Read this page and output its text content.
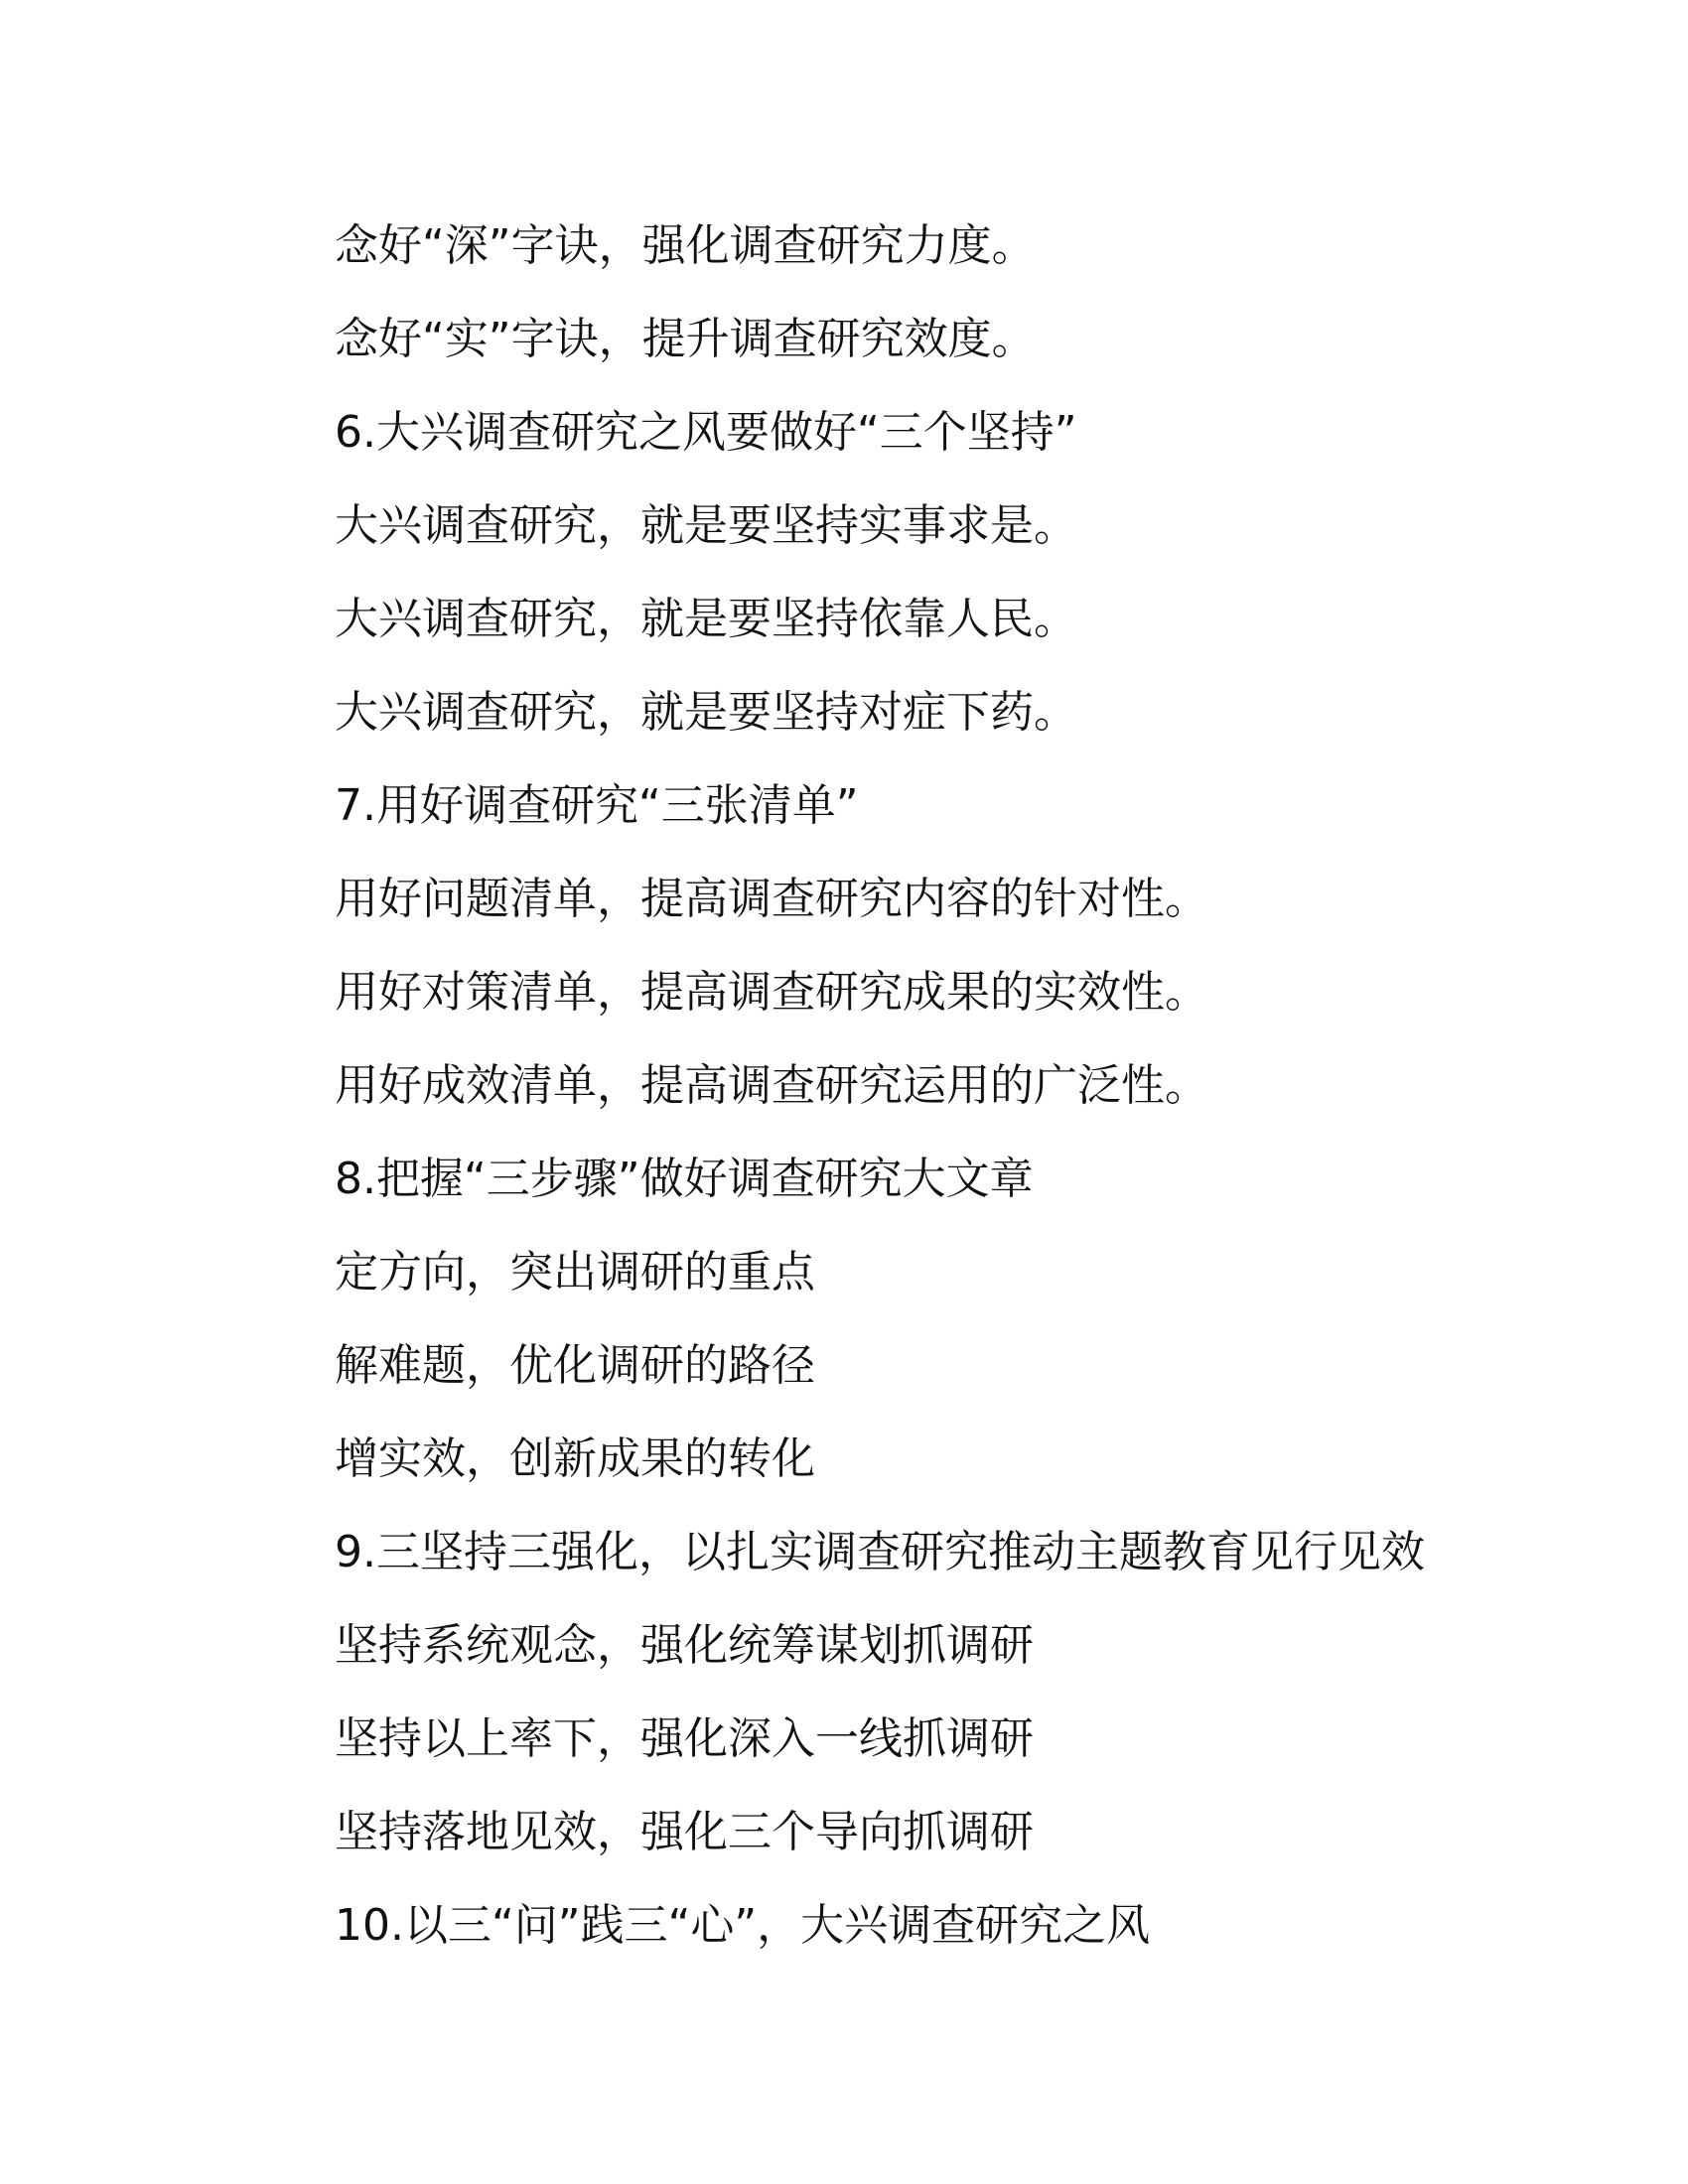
念好“深”字诀，强化调查研究力度。
念好“实”字诀，提升调查研究效度。
6.大兴调查研究之风要做好“三个坚持”
大兴调查研究，就是要坚持实事求是。
大兴调查研究，就是要坚持依靠人民。
大兴调查研究，就是要坚持对症下药。
7.用好调查研究“三张清单”
用好问题清单，提高调查研究内容的针对性。
用好对策清单，提高调查研究成果的实效性。
用好成效清单，提高调查研究运用的广泛性。
8.把握“三步骤”做好调查研究大文章
定方向，突出调研的重点
解难题，优化调研的路径
增实效，创新成果的转化
9.三坚持三强化，以扎实调查研究推动主题教育见行见效
坚持系统观念，强化统筹谋划抓调研
坚持以上率下，强化深入一线抓调研
坚持落地见效，强化三个导向抓调研
10.以三“问”践三“心”，大兴调查研究之风
